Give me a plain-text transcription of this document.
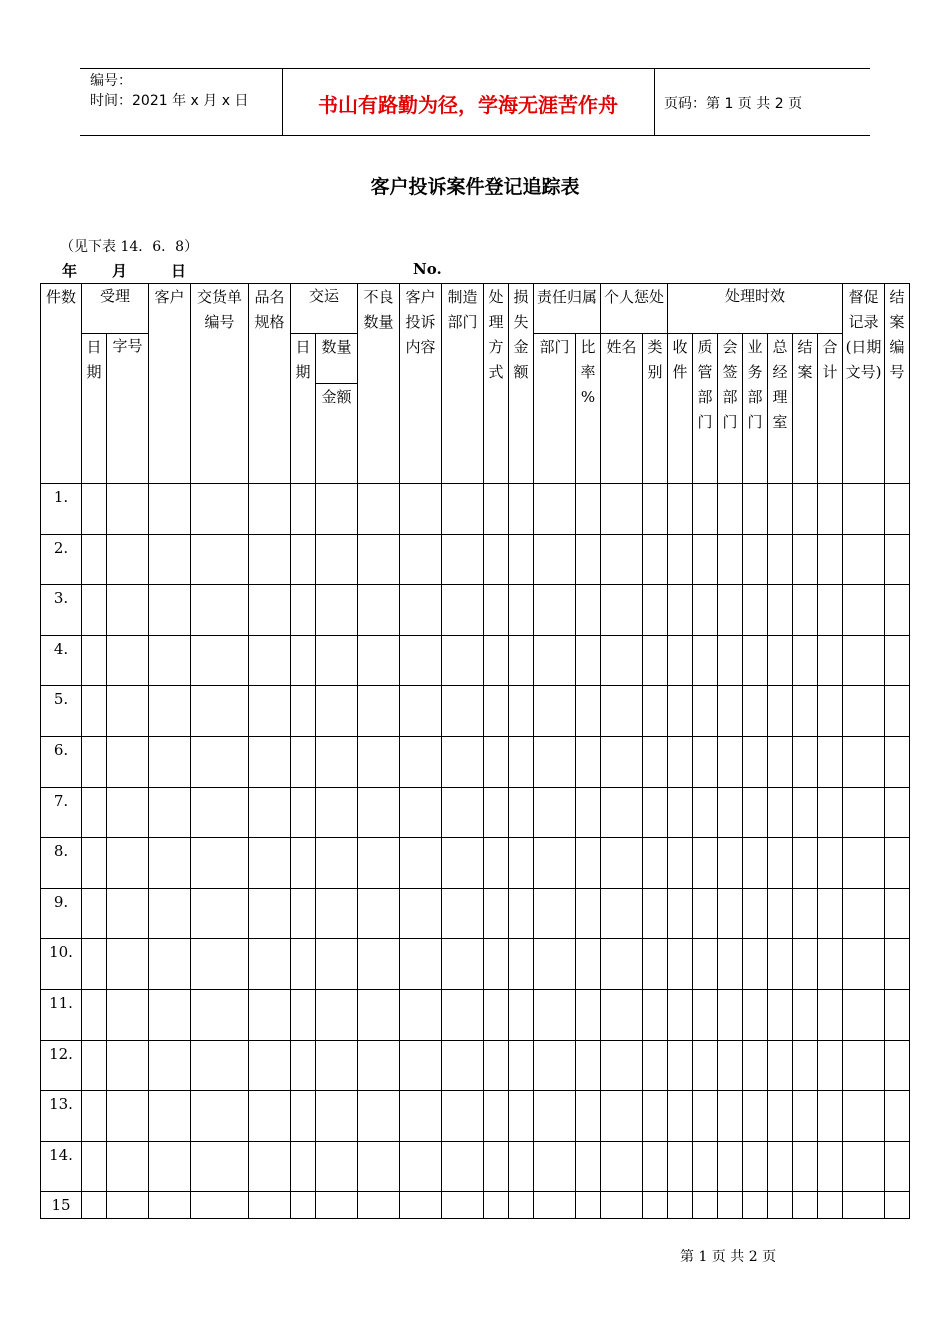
编号：
时间：2021 年 x 月 x 日	书山有路勤为径，学海无涯苦作舟	页码：第 1 页 共 2 页
客户投诉案件登记追踪表
（见下表 14．6．8）
年 月	日	No.
件数	受理		客户	交货单编号	品名规格	交运		不良数量	客户投诉内容	制造部门	处理方式	损失金额	责任归属		个人惩处		处理时效							督促记录(日期文号)	结案编号
	日期	字号				日期	数量						部门	比率%	姓名	类别	收件	质管部门	会签部门	业务部门	总经理室	结案	合计		
							金额																		
1.																									
2.																									
3.																									
4.																									
5.																									
6.																									
7.																									
8.																									
9.																									
10.																									
11.																									
12.																									
13.																									
14.																									
15																									
第 1 页 共 2 页
